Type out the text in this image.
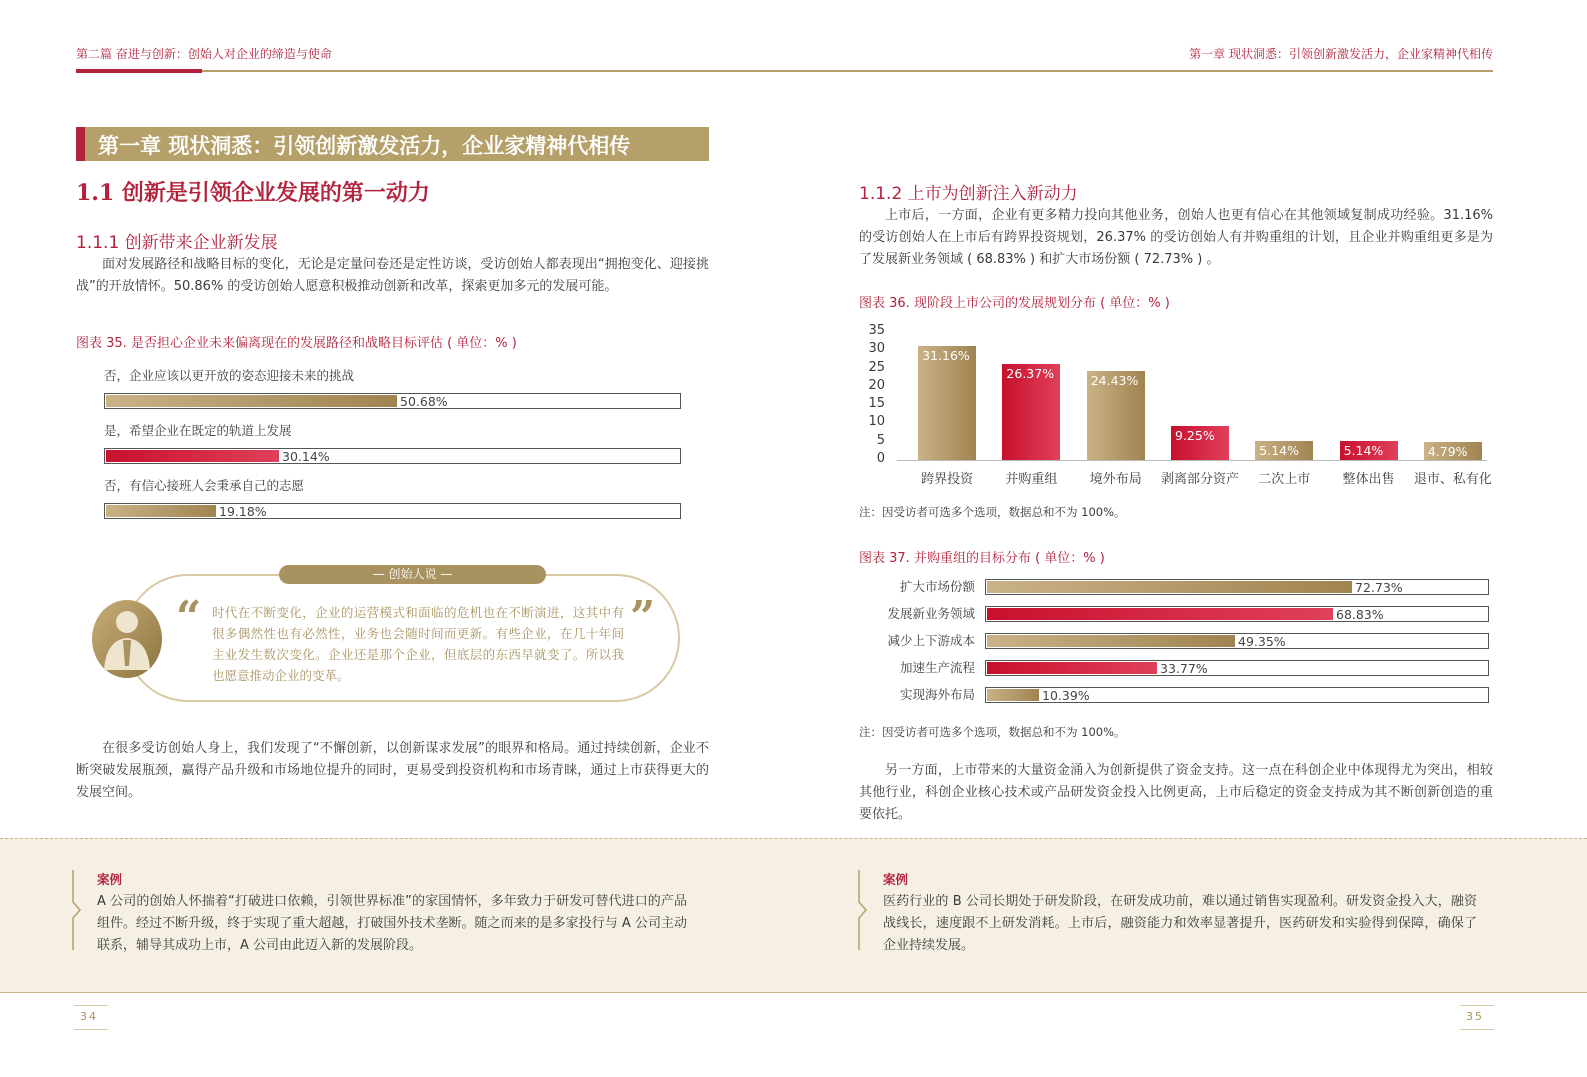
第二篇 奋进与创新：创始人对企业的缔造与使命	第一章 现状洞悉：引领创新激发活力，企业家精神代相传
第一章 现状洞悉：引领创新激发活力，企业家精神代相传
1.1 创新是引领企业发展的第一动力
1.1.1 创新带来企业新发展
面对发展路径和战略目标的变化，无论是定量问卷还是定性访谈，受访创始人都表现出“拥抱变化、迎接挑战”的开放情怀。50.86% 的受访创始人愿意积极推动创新和改革，探索更加多元的发展可能。
图表 35. 是否担心企业未来偏离现在的发展路径和战略目标评估 ( 单位：% )
否，企业应该以更开放的姿态迎接未来的挑战
50.68%
是，希望企业在既定的轨道上发展
30.14%
否，有信心接班人会秉承自己的志愿
19.18%
— 创始人说 —
“	”
时代在不断变化，企业的运营模式和面临的危机也在不断演进，这其中有很多偶然性也有必然性，业务也会随时间而更新。有些企业，在几十年间主业发生数次变化。企业还是那个企业，但底层的东西早就变了。所以我也愿意推动企业的变革。
在很多受访创始人身上，我们发现了“不懈创新，以创新谋求发展”的眼界和格局。通过持续创新，企业不断突破发展瓶颈，赢得产品升级和市场地位提升的同时，更易受到投资机构和市场青睐，通过上市获得更大的发展空间。
1.1.2 上市为创新注入新动力
上市后，一方面，企业有更多精力投向其他业务，创始人也更有信心在其他领域复制成功经验。31.16% 的受访创始人在上市后有跨界投资规划，26.37% 的受访创始人有并购重组的计划，且企业并购重组更多是为了发展新业务领域 ( 68.83% ) 和扩大市场份额 ( 72.73% ) 。
图表 36. 现阶段上市公司的发展规划分布 ( 单位：% )
31.16%
26.37%	24.43%
9.25%
5.14%	5.14%	4.79%
0
5
10
15
20
25
30
35
跨界投资	并购重组	境外布局	剥离部分资产	二次上市	整体出售	退市、私有化
注：因受访者可选多个选项，数据总和不为 100%。
图表 37. 并购重组的目标分布 ( 单位：% )
扩大市场份额	72.73%
发展新业务领域	68.83%
减少上下游成本	49.35%
加速生产流程	33.77%
实现海外布局	10.39%
注：因受访者可选多个选项，数据总和不为 100%。
另一方面，上市带来的大量资金涌入为创新提供了资金支持。这一点在科创企业中体现得尤为突出，相较其他行业，科创企业核心技术或产品研发资金投入比例更高，上市后稳定的资金支持成为其不断创新创造的重要依托。
案例
A 公司的创始人怀揣着“打破进口依赖，引领世界标准”的家国情怀，多年致力于研发可替代进口的产品组件。经过不断升级，终于实现了重大超越，打破国外技术垄断。随之而来的是多家投行与 A 公司主动联系，辅导其成功上市，A 公司由此迈入新的发展阶段。
案例
医药行业的 B 公司长期处于研发阶段，在研发成功前，难以通过销售实现盈利。研发资金投入大，融资战线长，速度跟不上研发消耗。上市后，融资能力和效率显著提升，医药研发和实验得到保障，确保了企业持续发展。
34	35
